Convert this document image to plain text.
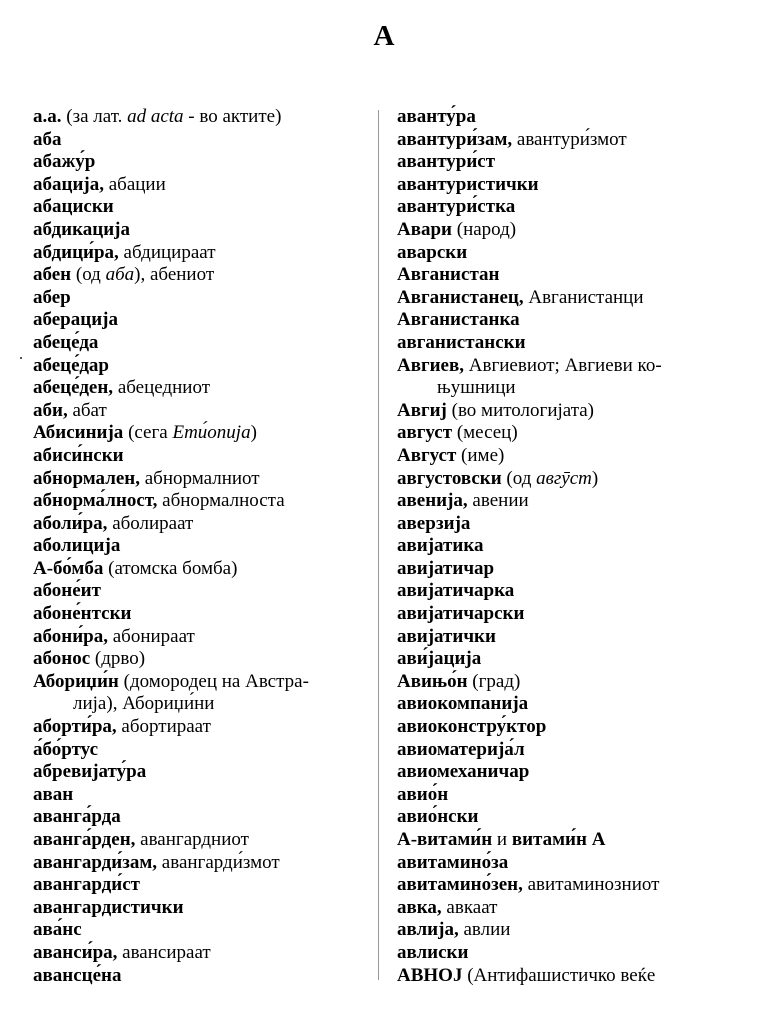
А
а.а. (за лат. ad acta - во актите)
аба
абажу́р
абација, абации
абациски
абдикација
абдици́ра, абдицираат
абен (од аба), абениот
абер
аберација
абеце́да
абеце́дар
абеце́ден, абецедниот
аби, абат
Абисинија (сега Ети́опија)
абиси́нски
абнормален, абнормалниот
абнорма́лност, абнормалноста
аболи́ра, аболираат
аболиција
А-бо́мба (атомска бомба)
абоне́ит
абоне́нтски
абони́ра, абонираат
абонос (дрво)
Абориџи́н (домородец на Австра-
лија), Абориџи́ни
аборти́ра, абортираат
а́бо́ртус
абревијату́ра
аван
аванга́рда
аванга́рден, авангардниот
авангарди́зам, авангарди́змот
авангарди́ст
авангардистички
ава́нс
аванси́ра, авансираат
авансце́на
аванту́ра
авантури́зам, авантури́змот
авантури́ст
авантуристички
авантури́стка
Авари (народ)
аварски
Авганистан
Авганистанец, Авганистанци
Авганистанка
авганистански
Авгиев, Авгиевиот; Авгиеви ко-
њушници
Авгиј (во митологијата)
август (месец)
Август (име)
августовски (од авгӯст)
авенија, авении
аверзија
авијатика
авијатичар
авијатичарка
авијатичарски
авијатички
ави́јација
Авињо́н (град)
авиокомпанија
авиоконстру́ктор
авиоматерија́л
авиомеханичар
авио́н
авио́нски
А-витами́н и витами́н А
авитамино́за
авитамино́зен, авитаминозниот
авка, авкаат
авлија, авлии
авлиски
АВНОЈ (Антифашистичко веќе
